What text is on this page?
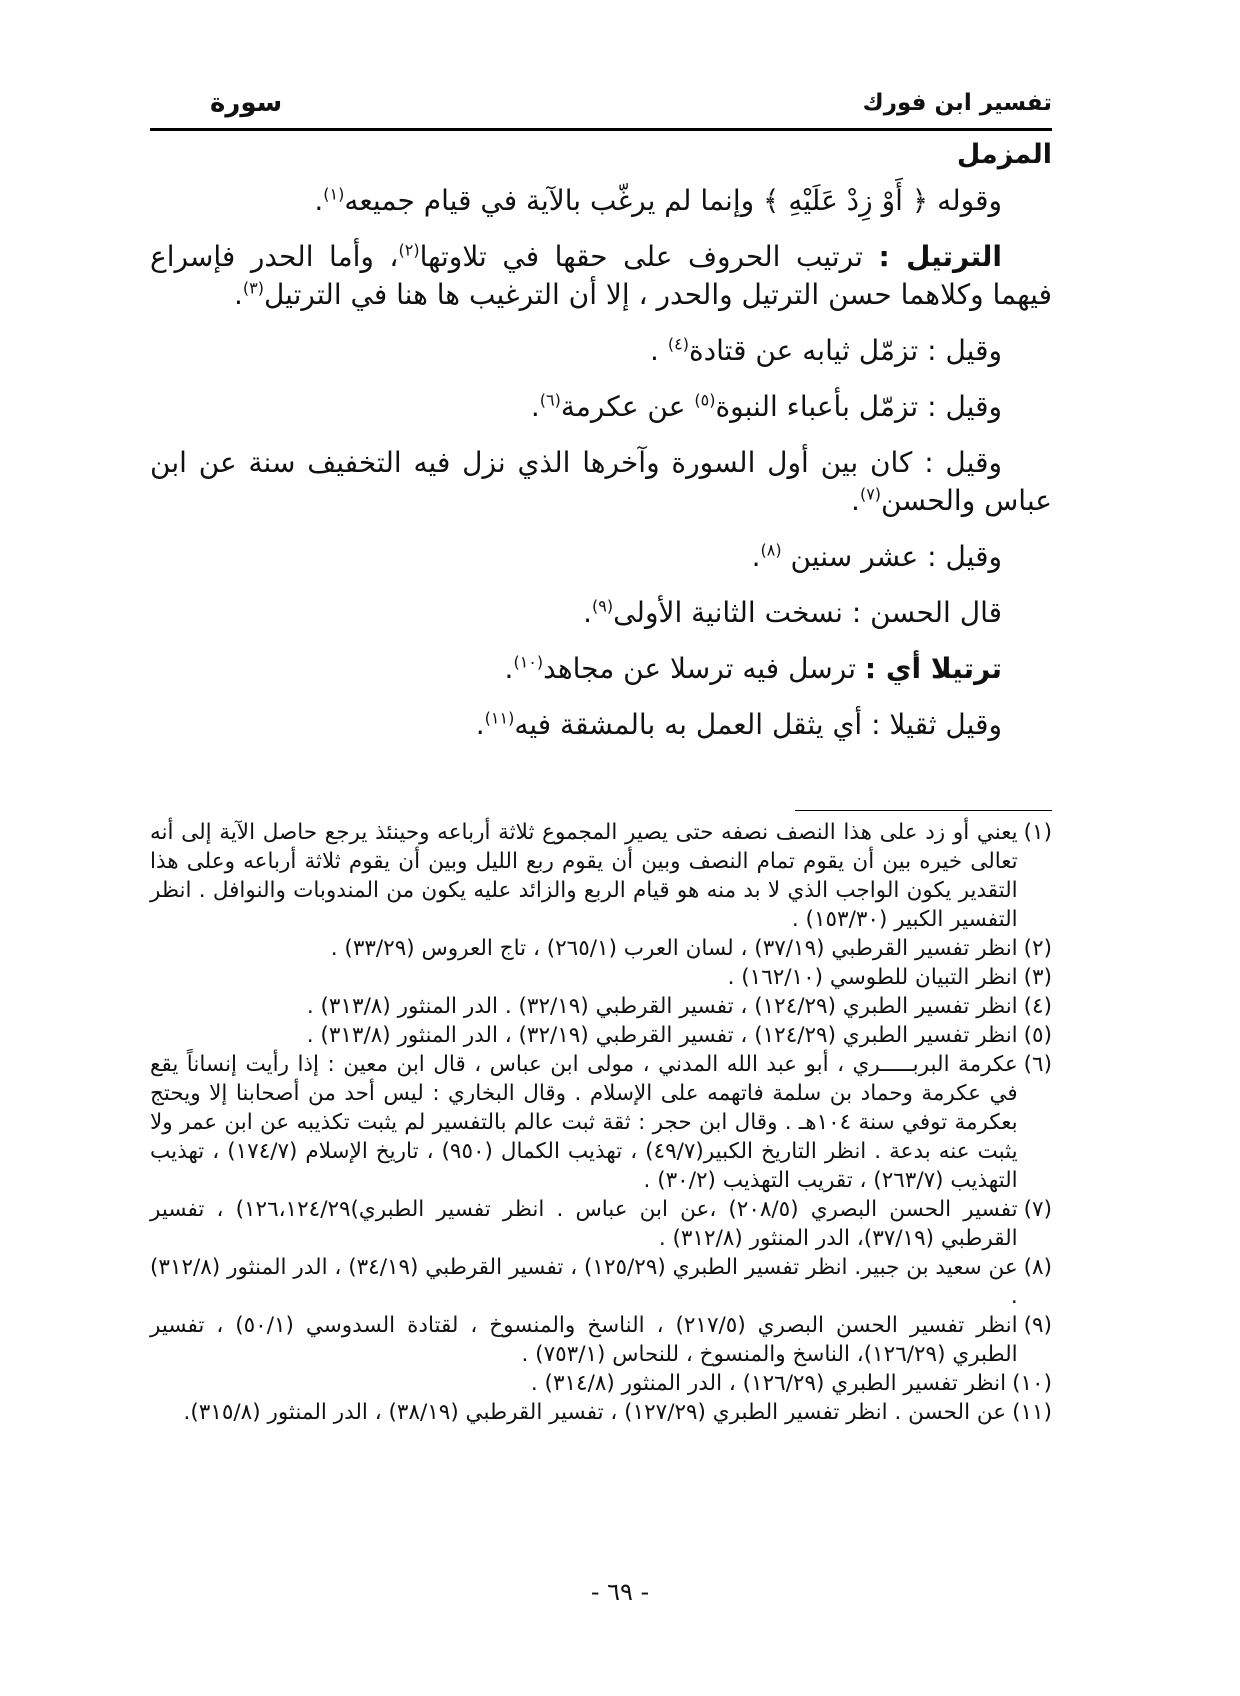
تفسير ابن فورك
سورة
المزمل

وقوله ﴿ أَوْ زِدْ عَلَيْهِ ﴾ وإنما لم يرغّب بالآية في قيام جميعه$^{(١)}$.

الترتيل : ترتيب الحروف على حقها في تلاوتها$^{(٢)}$، وأما الحدر فإسراع فيهما وكلاهما حسن الترتيل والحدر ، إلا أن الترغيب ها هنا في الترتيل$^{(٣)}$.

وقيل : تزمّل ثيابه عن قتادة$^{(٤)}$ .

وقيل : تزمّل بأعباء النبوة$^{(٥)}$ عن عكرمة$^{(٦)}$.

وقيل : كان بين أول السورة وآخرها الذي نزل فيه التخفيف سنة عن ابن عباس والحسن$^{(٧)}$.

وقيل : عشر سنين $^{(٨)}$.

قال الحسن : نسخت الثانية الأولى$^{(٩)}$.

ترتيلا أي : ترسل فيه ترسلا عن مجاهد$^{(١٠)}$.

وقيل ثقيلا : أي يثقل العمل به بالمشقة فيه$^{(١١)}$.

(١)
يعني أو زد على هذا النصف نصفه حتى يصير المجموع ثلاثة أرباعه وحينئذ يرجع حاصل الآية إلى أنه تعالى خيره بين أن يقوم تمام النصف وبين أن يقوم ربع الليل وبين أن يقوم ثلاثة أرباعه وعلى هذا التقدير يكون الواجب الذي لا بد منه هو قيام الربع والزائد عليه يكون من المندوبات والنوافل . انظر التفسير الكبير (١٥٣/٣٠) .
(٢)
انظر تفسير القرطبي (٣٧/١٩) ، لسان العرب (٢٦٥/١) ، تاج العروس (٣٣/٢٩) .
(٣)
انظر التبيان للطوسي (١٦٢/١٠) .
(٤)
انظر تفسير الطبري (١٢٤/٢٩) ، تفسير القرطبي (٣٢/١٩) . الدر المنثور (٣١٣/٨) .
(٥)
انظر تفسير الطبري (١٢٤/٢٩) ، تفسير القرطبي (٣٢/١٩) ، الدر المنثور (٣١٣/٨) .
(٦)
عكرمة البربـــــري ، أبو عبد الله المدني ، مولى ابن عباس ، قال ابن معين : إذا رأيت إنساناً يقع في عكرمة وحماد بن سلمة فاتهمه على الإسلام . وقال البخاري : ليس أحد من أصحابنا إلا ويحتج بعكرمة توفي سنة ١٠٤هـ . وقال ابن حجر : ثقة ثبت عالم بالتفسير لم يثبت تكذيبه عن ابن عمر ولا يثبت عنه بدعة . انظر التاريخ الكبير(٤٩/٧) ، تهذيب الكمال (٩٥٠) ، تاريخ الإسلام (١٧٤/٧) ، تهذيب التهذيب (٢٦٣/٧) ، تقريب التهذيب (٣٠/٢) .
(٧)
تفسير الحسن البصري (٢٠٨/٥) ،عن ابن عباس . انظر تفسير الطبري)١٢٦،١٢٤/٢٩) ، تفسير القرطبي (٣٧/١٩)، الدر المنثور (٣١٢/٨) .
(٨)
عن سعيد بن جبير. انظر تفسير الطبري (١٢٥/٢٩) ، تفسير القرطبي (٣٤/١٩) ، الدر المنثور (٣١٢/٨) .
(٩)
انظر تفسير الحسن البصري (٢١٧/٥) ، الناسخ والمنسوخ ، لقتادة السدوسي (٥٠/١) ، تفسير الطبري (١٢٦/٢٩)، الناسخ والمنسوخ ، للنحاس (٧٥٣/١) .
(١٠)
انظر تفسير الطبري (١٢٦/٢٩) ، الدر المنثور (٣١٤/٨) .
(١١)
عن الحسن . انظر تفسير الطبري (١٢٧/٢٩) ، تفسير القرطبي (٣٨/١٩) ، الدر المنثور (٣١٥/٨).
- ٦٩ -
